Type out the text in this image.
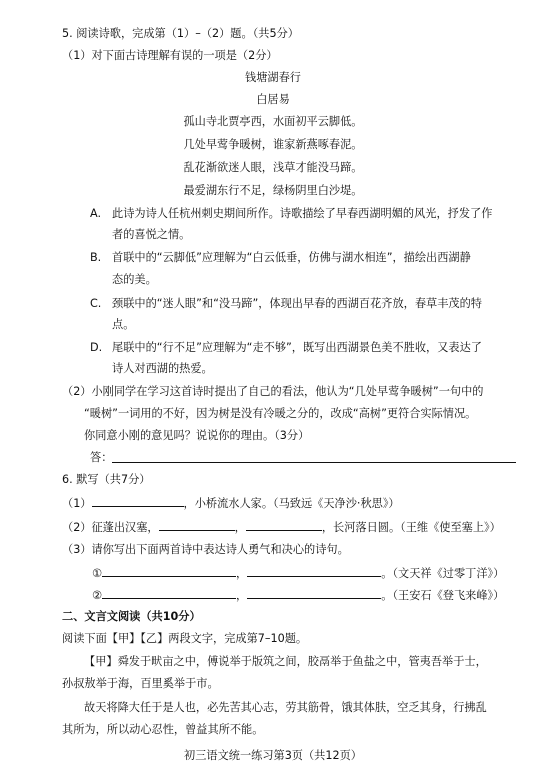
5. 阅读诗歌，完成第（1）–（2）题。（共5分）
（1）对下面古诗理解有误的一项是（2分）
钱塘湖春行
白居易
孤山寺北贾亭西，水面初平云脚低。
几处早莺争暖树，谁家新燕啄春泥。
乱花渐欲迷人眼，浅草才能没马蹄。
最爱湖东行不足，绿杨阴里白沙堤。
A. 此诗为诗人任杭州刺史期间所作。诗歌描绘了早春西湖明媚的风光，抒发了作
者的喜悦之情。
B. 首联中的“云脚低”应理解为“白云低垂，仿佛与湖水相连”，描绘出西湖静
态的美。
C. 颈联中的“迷人眼”和“没马蹄”，体现出早春的西湖百花齐放，春草丰茂的特
点。
D. 尾联中的“行不足”应理解为“走不够”，既写出西湖景色美不胜收，又表达了
诗人对西湖的热爱。
（2）小刚同学在学习这首诗时提出了自己的看法，他认为“几处早莺争暖树”一句中的
“暖树”一词用的不好，因为树是没有冷暖之分的，改成“高树”更符合实际情况。
你同意小刚的意见吗？说说你的理由。（3分）
答：
6. 默写（共7分）
（1）	，小桥流水人家。（马致远《天净沙·秋思》）
（2）征蓬出汉塞，	，	，长河落日圆。（王维《使至塞上》）
（3）请你写出下面两首诗中表达诗人勇气和决心的诗句。
①	，	。（文天祥《过零丁洋》）
②	，	。（王安石《登飞来峰》）
二、文言文阅读（共10分）
阅读下面【甲】【乙】两段文字，完成第7–10题。
【甲】舜发于畎亩之中，傅说举于版筑之间，胶鬲举于鱼盐之中，管夷吾举于士，
孙叔敖举于海，百里奚举于市。
故天将降大任于是人也，必先苦其心志，劳其筋骨，饿其体肤，空乏其身，行拂乱
其所为，所以动心忍性，曾益其所不能。
初三语文统一练习第3页（共12页）
